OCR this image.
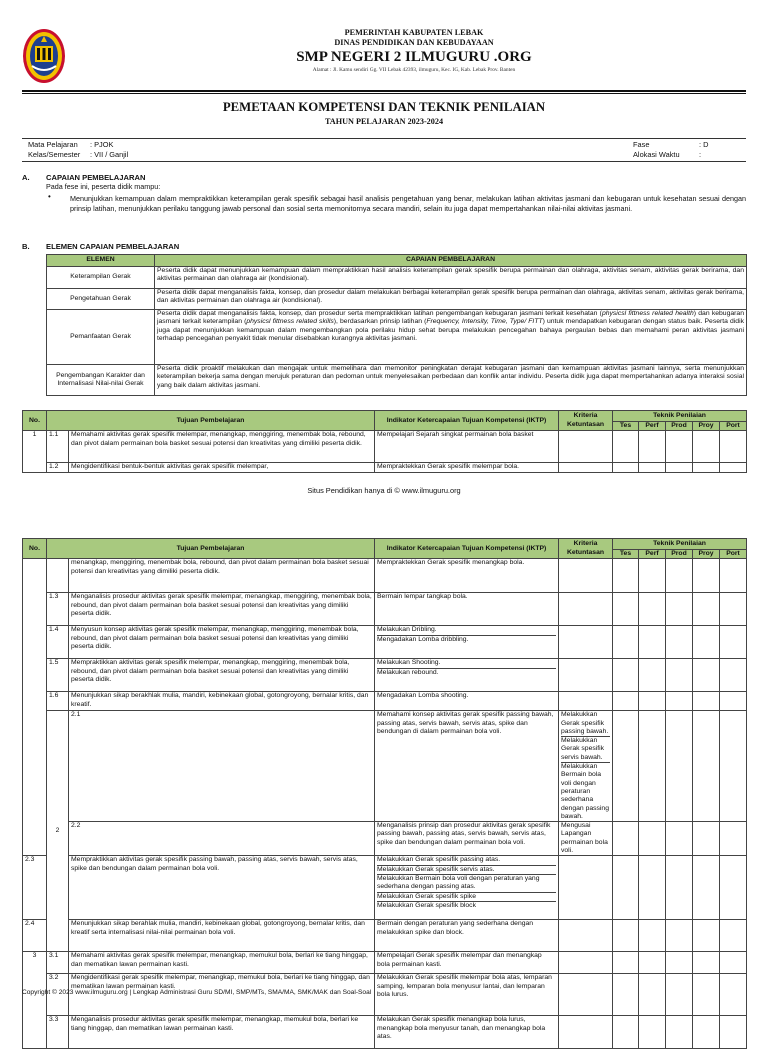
PEMERINTAH KABUPATEN LEBAK
DINAS PENDIDIKAN DAN KEBUDAYAAN
SMP NEGERI 2 ILMUGURU .ORG
Alamat : Jl. Kamu sendiri Gg. VII Lebak 42393, ilmuguru, Kec. IG, Kab. Lebak Prov. Banten
PEMETAAN KOMPETENSI DAN TEKNIK PENILAIAN
TAHUN PELAJARAN 2023-2024
Mata Pelajaran	: PJOK
Kelas/Semester	: VII / Ganjil
Fase	: D
Alokasi Waktu	:
A. CAPAIAN PEMBELAJARAN
Pada fese ini, peserta didik mampu:
•	Menunjukkan kemampuan dalam mempraktikkan keterampilan gerak spesifik sebagai hasil analisis pengetahuan yang benar, melakukan latihan aktivitas jasmani dan kebugaran untuk kesehatan sesuai dengan prinsip latihan, menunjukkan perilaku tanggung jawab personal dan sosial serta memonitornya secara mandiri, selain itu juga dapat mempertahankan nilai-nilai aktivitas jasmani.
B. ELEMEN CAPAIAN PEMBELAJARAN
ELEMEN	CAPAIAN PEMBELAJARAN
Keterampilan Gerak	Peserta didik dapat menunjukkan kemampuan dalam mempraktikkan hasil analisis keterampilan gerak spesifik berupa permainan dan olahraga, aktivitas senam, aktivitas gerak berirama, dan aktivitas permainan dan olahraga air (kondisional).
Pengetahuan Gerak	Peserta didik dapat menganalisis fakta, konsep, dan prosedur dalam melakukan berbagai keterampilan gerak spesifik berupa permainan dan olahraga, aktivitas senam, aktivitas gerak berirama, dan aktivitas permainan dan olahraga air (kondisional).
Pemanfaatan Gerak	Peserta didik dapat menganalisis fakta, konsep, dan prosedur serta mempraktikkan latihan pengembangan kebugaran jasmani terkait kesehatan (physicsl fittness related health) dan kebugaran jasmani terkait keterampilan (physicsl fittness related skills), berdasarkan prinsip latihan (Frequency, Intensity, Time, Type/ FITT) untuk mendapatkan kebugaran dengan status baik. Peserta didik juga dapat menunjukkan kemampuan dalam mengembangkan pola perilaku hidup sehat berupa melakukan pencegahan bahaya pergaulan bebas dan memahami peran aktivitas jasmani terhadap pencegahan penyakit tidak menular disebabkan kurangnya aktivitas jasmani.
Pengembangan Karakter dan Internalisasi Nilai-nilai Gerak	Peserta didik proaktif melakukan dan mengajak untuk memelihara dan memonitor peningkatan derajat kebugaran jasmani dan kemampuan aktivitas jasmani lainnya, serta menunjukkan keterampilan bekerja sama dengan merujuk peraturan dan pedoman untuk menyelesaikan perbedaan dan konflik antar individu. Peserta didik juga dapat mempertahankan adanya interaksi sosial yang baik dalam aktivitas jasmani.
No.	Tujuan Pembelajaran		Indikator Ketercapaian Tujuan Kompetensi (IKTP)	Kriteria Ketuntasan	Teknik Penilaian				
					Tes	Perf	Prod	Proy	Port
1	1.1	Memahami aktivitas gerak spesifik melempar, menangkap, menggiring, menembak bola, rebound, dan pivot dalam permainan bola basket sesuai potensi dan kreativitas yang dimiliki peserta didik.	Mempelajari Sejarah singkat permainan bola basket						
	1.2	Mengidentifikasi bentuk-bentuk aktivitas gerak spesifik melempar,	Mempraktekkan Gerak spesifik melempar bola.						
Situs Pendidikan hanya di © www.ilmuguru.org
No.	Tujuan Pembelajaran		Indikator Ketercapaian Tujuan Kompetensi (IKTP)	Kriteria Ketuntasan	Teknik Penilaian					
					Tes	Perf	Prod	Proy	Port	
		menangkap, menggiring, menembak bola, rebound, dan pivot dalam permainan bola basket sesuai potensi dan kreativitas yang dimiliki peserta didik.	Mempraktekkan Gerak spesifik menangkap bola.							
	1.3	Menganalisis prosedur aktivitas gerak spesifik melempar, menangkap, menggiring, menembak bola, rebound, dan pivot dalam permainan bola basket sesuai potensi dan kreativitas yang dimiliki peserta didik.	Bermain lempar tangkap bola.							
	1.4	Menyusun konsep aktivitas gerak spesifik melempar, menangkap, menggiring, menembak bola, rebound, dan pivot dalam permainan bola basket sesuai potensi dan kreativitas yang dimiliki peserta didik.	Melakukan Dribling.
Mengadakan Lomba dribbling.							

	1.5	Mempraktikkan aktivitas gerak spesifik melempar, menangkap, menggiring, menembak bola, rebound, dan pivot dalam permainan bola basket sesuai potensi dan kreativitas yang dimiliki peserta didik.	Melakukan Shooting.
Melakukan rebound.							

	1.6	Menunjukkan sikap berakhlak mulia, mandiri, kebinekaan global, gotongroyong, bernalar kritis, dan kreatif.	Mengadakan Lomba shooting.							
	2	2.1	Memahami konsep aktivitas gerak spesifik passing bawah, passing atas, servis bawah, servis atas, spike dan bendungan di dalam permainan bola voli.	Melakukkan Gerak spesifik passing bawah.
Melakukkan Gerak spesifik servis bawah.
Melakukkan Bermain bola voli dengan peraturan sederhana dengan passing bawah.						

		2.2	Menganalisis prinsip dan prosedur aktivitas gerak spesifik passing bawah, passing atas, servis bawah, servis atas, spike dan bendungan dalam permainan bola voli.	Mengusai Lapangan permainan bola voli.						
2.3		Mempraktikkan aktivitas gerak spesifik passing bawah, passing atas, servis bawah, servis atas, spike dan bendungan dalam permainan bola voli.	Melakukkan Gerak spesifik passing atas.
Melakukkan Gerak spesifik servis atas.
Melakukkan Bermain bola voli dengan peraturan yang sederhana dengan passing atas.
Melakukkan Gerak spesifik spike
Melakukkan Gerak spesifik block							

2.4		Menunjukkan sikap berahlak mulia, mandiri, kebinekaan global, gotongroyong, bernalar kritis, dan kreatif serta internalisasi nilai-nilai permainan bola voli.	Bermain dengan peraturan yang sederhana dengan melakukkan spike dan block.							
3	3.1	Memahami aktivitas gerak spesifik melempar, menangkap, memukul bola, berlari ke tiang hinggap, dan mematikan lawan permainan kasti.	Mempelajari Gerak spesifik melempar dan menangkap bola permainan kasti.							
	3.2	Mengidentifikasi gerak spesifik melempar, menangkap, memukul bola, berlari ke tiang hinggap, dan mematikan lawan permainan kasti.	Melakukkan Gerak spesifik melempar bola atas, lemparan samping, lemparan bola menyusur lantai, dan lemparan bola lurus.							
	3.3	Menganalisis prosedur aktivitas gerak spesifik melempar, menangkap, memukul bola, berlari ke tiang hinggap, dan mematikan lawan permainan kasti.	Melakukan Gerak spesifik menangkap bola lurus, menangkap bola menyusur tanah, dan menangkap bola atas.							
Copyright © 2023 www.ilmuguru.org | Lengkap Administrasi Guru SD/MI, SMP/MTs, SMA/MA, SMK/MAK dan Soal-Soal
